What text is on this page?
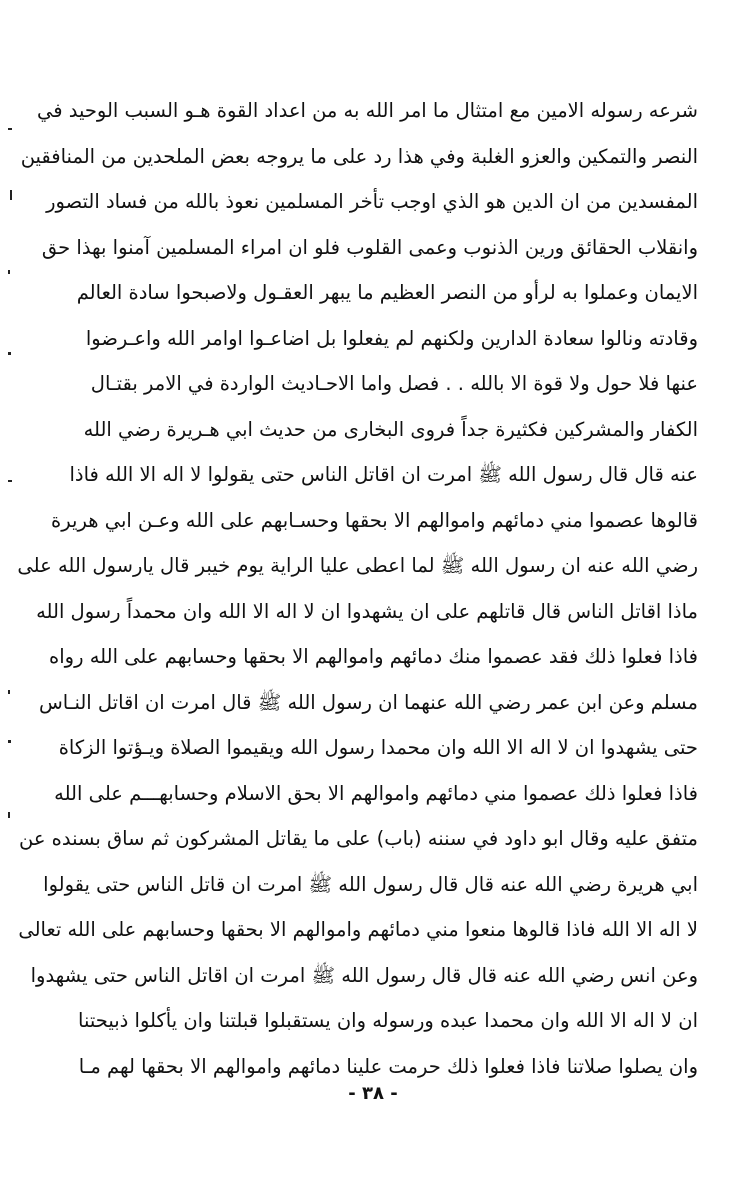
شرعه رسوله الامين مع امتثال ما امر الله به من اعداد القوة هـو السبب الوحيد في
النصر والتمكين والعزو الغلبة وفي هذا رد على ما يروجه بعض الملحدين من المنافقين
المفسدين من ان الدين هو الذي اوجب تأخر المسلمين نعوذ بالله من فساد التصور
وانقلاب الحقائق ورين الذنوب وعمى القلوب فلو ان امراء المسلمين آمنوا بهذا حق
الايمان وعملوا به لرأو من النصر العظيم ما يبهر العقـول ولاصبحوا سادة العالم
وقادته ونالوا سعادة الدارين ولكنهم لم يفعلوا بل اضاعـوا اوامر الله واعـرضوا
عنها فلا حول ولا قوة الا بالله . . فصل واما الاحـاديث الواردة في الامر بقتـال
الكفار والمشركين فكثيرة جداً فروى البخارى من حديث ابي هـريرة رضي الله
عنه قال قال رسول الله ﷺ امرت ان اقاتل الناس حتى يقولوا لا اله الا الله فاذا
قالوها عصموا مني دمائهم واموالهم الا بحقها وحسـابهم على الله وعـن ابي هريرة
رضي الله عنه ان رسول الله ﷺ لما اعطى عليا الراية يوم خيبر قال يارسول الله على
ماذا اقاتل الناس قال قاتلهم على ان يشهدوا ان لا اله الا الله وان محمداً رسول الله
فاذا فعلوا ذلك فقد عصموا منك دمائهم واموالهم الا بحقها وحسابهم على الله رواه
مسلم وعن ابن عمر رضي الله عنهما ان رسول الله ﷺ قال امرت ان اقاتل النـاس
حتى يشهدوا ان لا اله الا الله وان محمدا رسول الله ويقيموا الصلاة ويـؤتوا الزكاة
فاذا فعلوا ذلك عصموا مني دمائهم واموالهم الا بحق الاسلام وحسابهـــم على الله
متفق عليه وقال ابو داود في سننه (باب) على ما يقاتل المشركون ثم ساق بسنده عن
ابي هريرة رضي الله عنه قال قال رسول الله ﷺ امرت ان قاتل الناس حتى يقولوا
لا اله الا الله فاذا قالوها منعوا مني دمائهم واموالهم الا بحقها وحسابهم على الله تعالى
وعن انس رضي الله عنه قال قال رسول الله ﷺ امرت ان اقاتل الناس حتى يشهدوا
ان لا اله الا الله وان محمدا عبده ورسوله وان يستقبلوا قبلتنا وان يأكلوا ذبيحتنا
وان يصلوا صلاتنا فاذا فعلوا ذلك حرمت علينا دمائهم واموالهم الا بحقها لهم مـا
- ٣٨ -
